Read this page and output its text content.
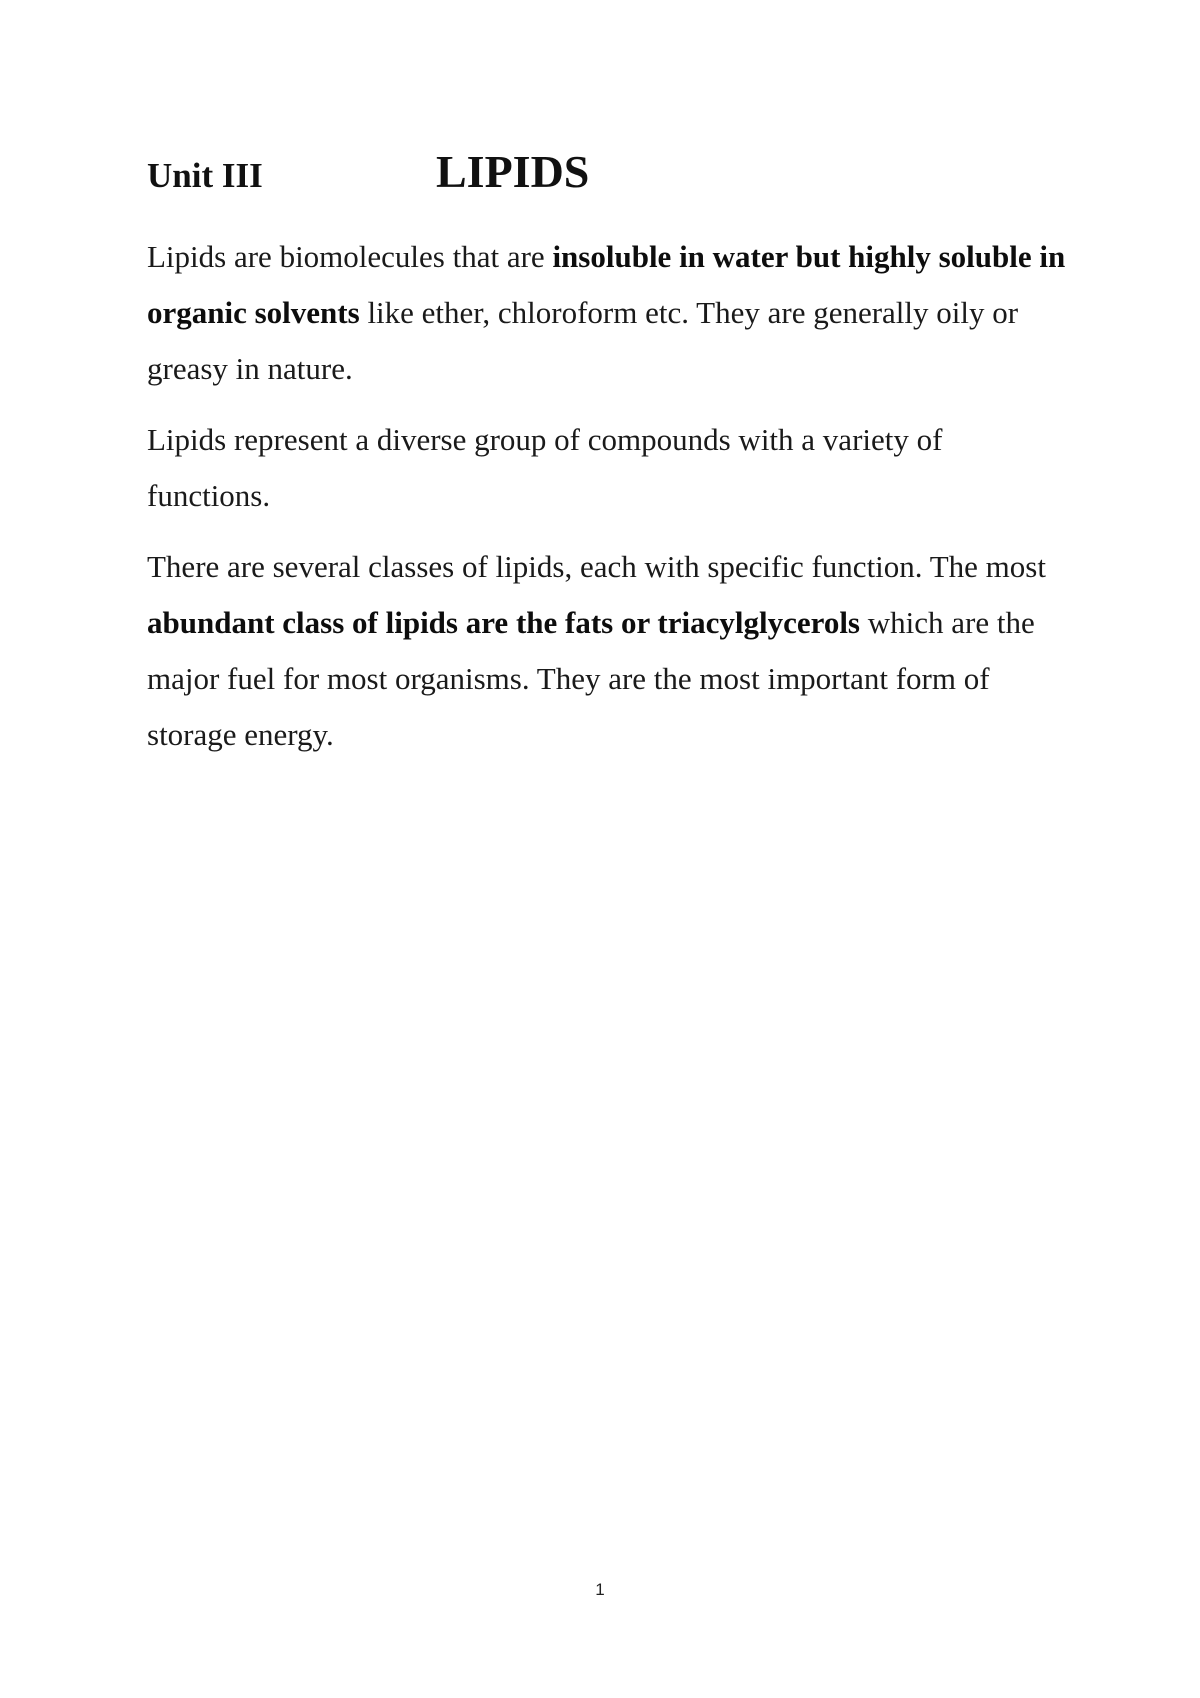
Unit III	LIPIDS

Lipids are biomolecules that are insoluble in water but highly soluble in organic solvents like ether, chloroform etc. They are generally oily or greasy in nature.

Lipids represent a diverse group of compounds with a variety of functions.

There are several classes of lipids, each with specific function. The most abundant class of lipids are the fats or triacylglycerols which are the major fuel for most organisms. They are the most important form of storage energy.

1
